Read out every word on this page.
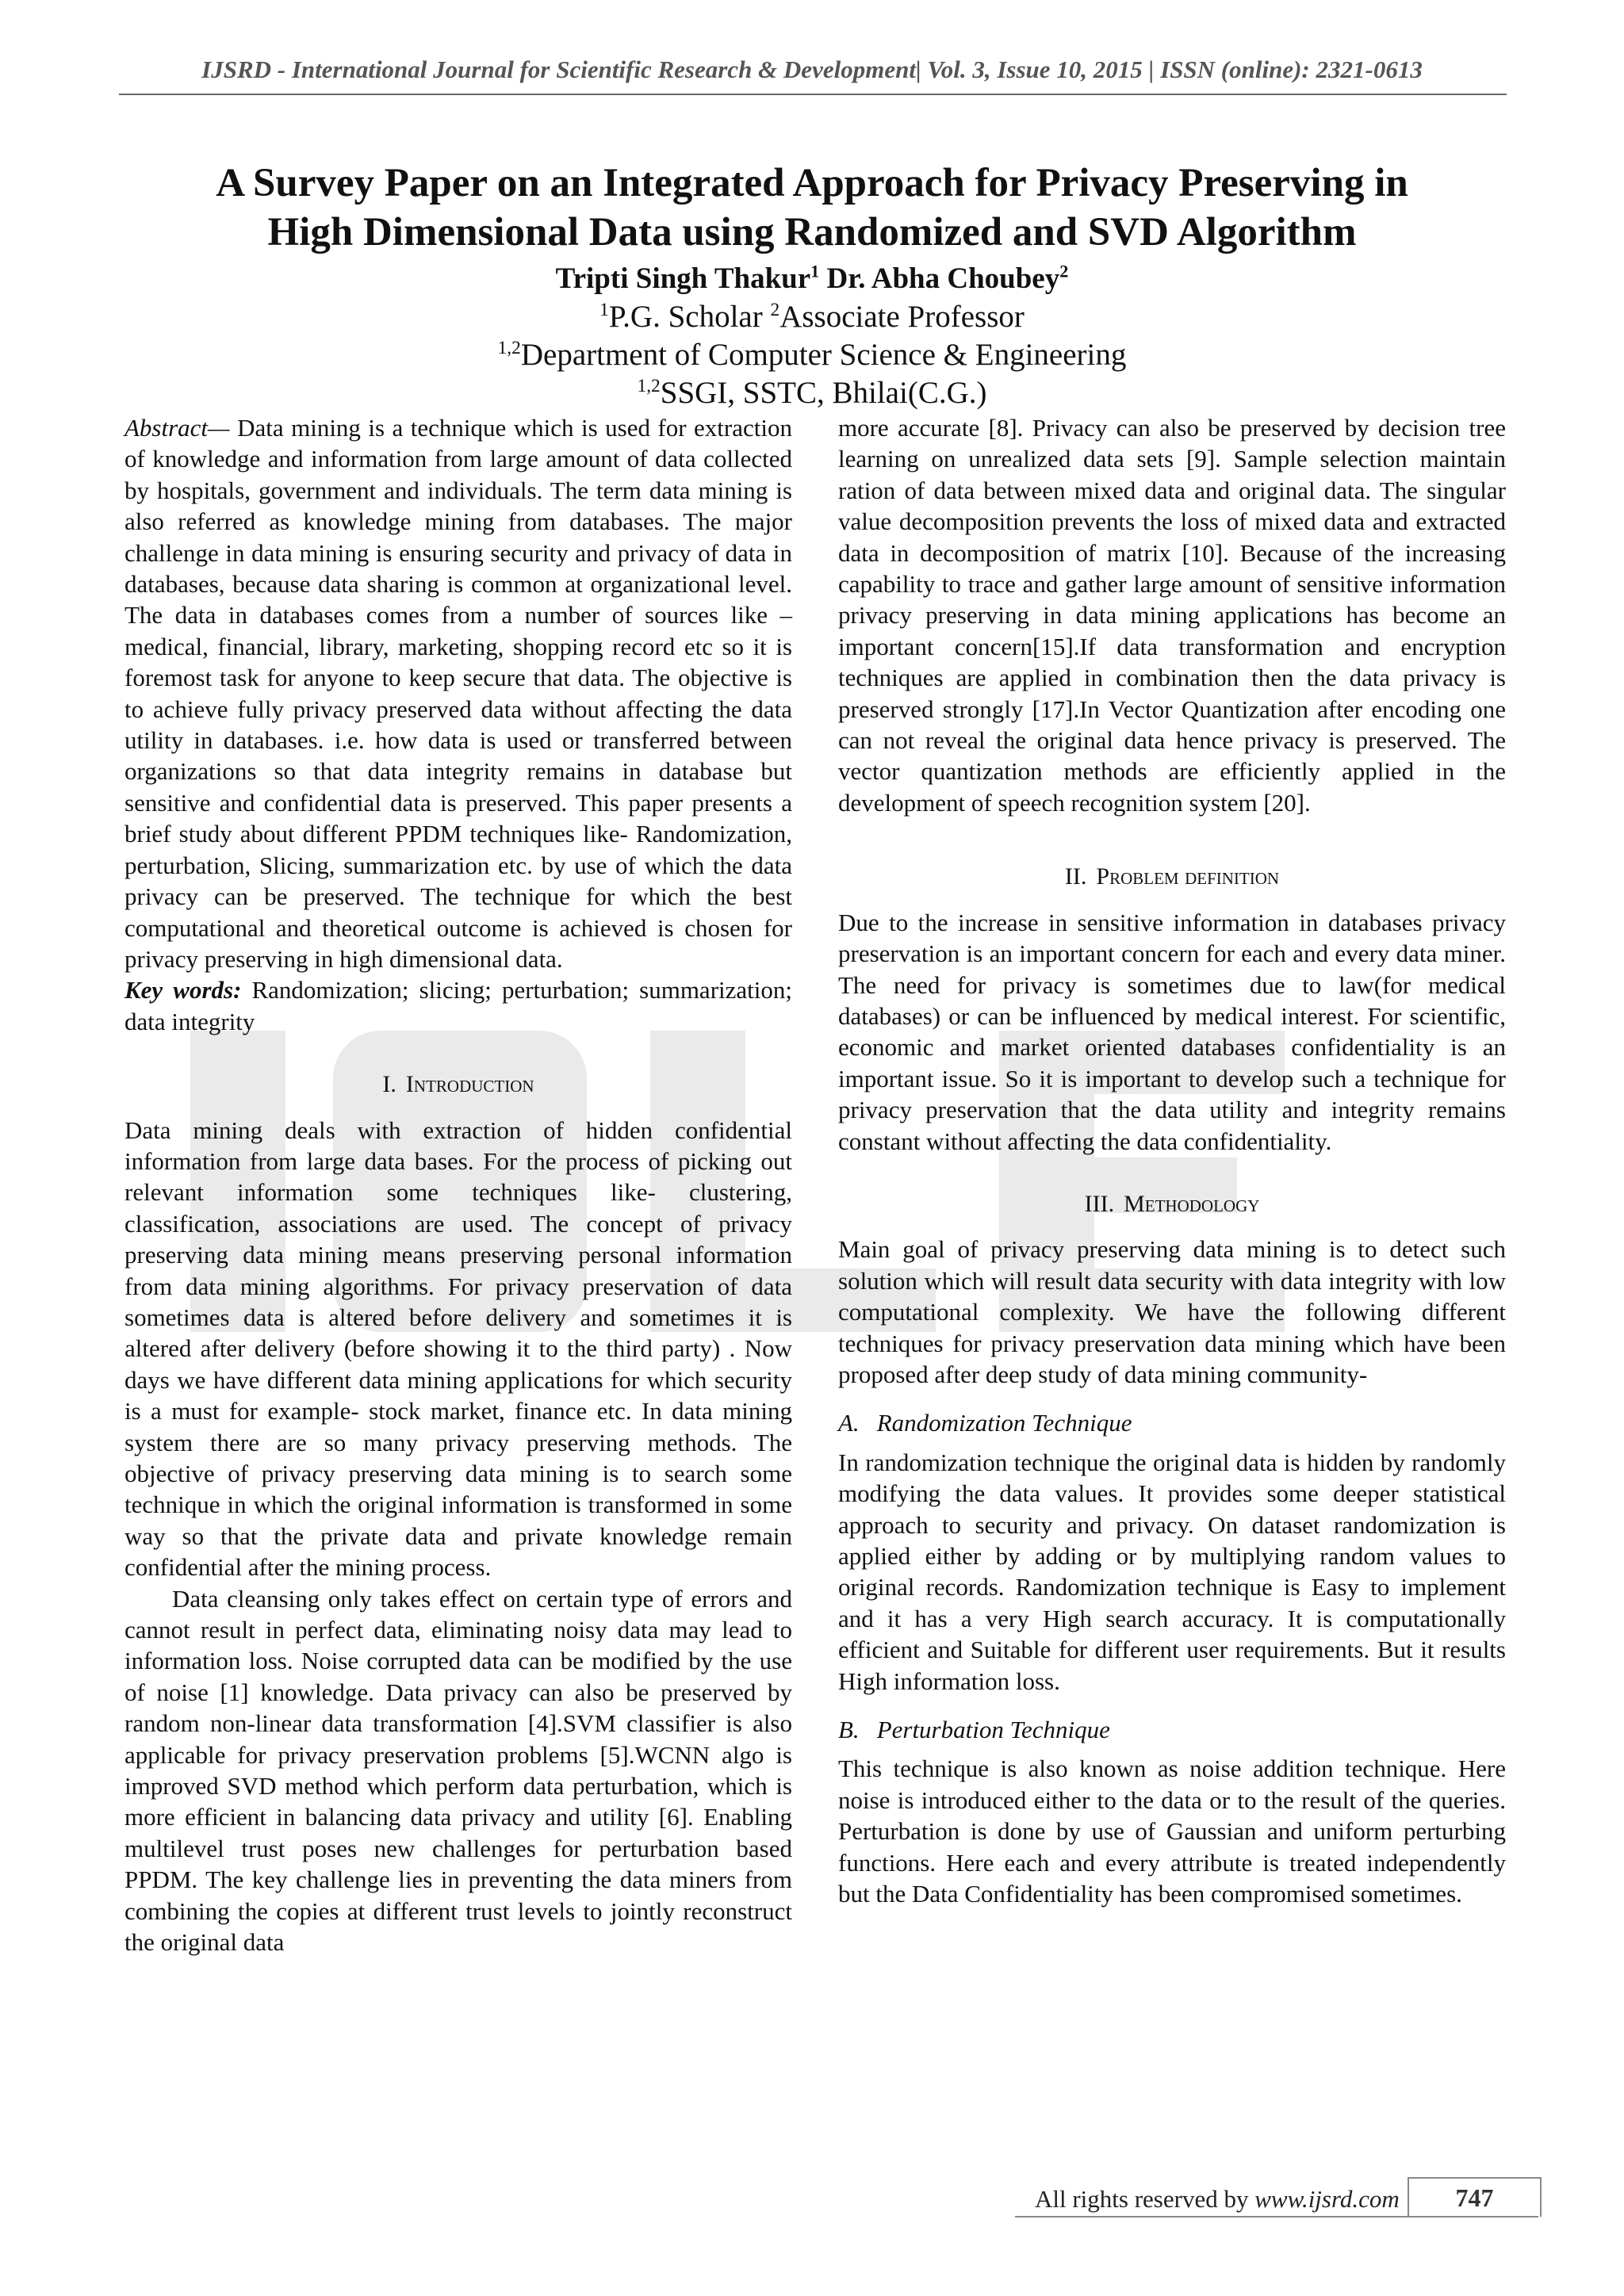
IJSRD - International Journal for Scientific Research & Development| Vol. 3, Issue 10, 2015 | ISSN (online): 2321-0613
A Survey Paper on an Integrated Approach for Privacy Preserving in
High Dimensional Data using Randomized and SVD Algorithm
Tripti Singh Thakur$^1$ Dr. Abha Choubey$^2$
$^1$P.G. Scholar $^2$Associate Professor
$^{1,2}$Department of Computer Science & Engineering
$^{1,2}$SSGI, SSTC, Bhilai(C.G.)

Abstract— Data mining is a technique which is used for extraction of knowledge and information from large amount of data collected by hospitals, government and individuals. The term data mining is also referred as knowledge mining from databases. The major challenge in data mining is ensuring security and privacy of data in databases, because data sharing is common at organizational level. The data in databases comes from a number of sources like – medical, financial, library, marketing, shopping record etc so it is foremost task for anyone to keep secure that data. The objective is to achieve fully privacy preserved data without affecting the data utility in databases. i.e. how data is used or transferred between organizations so that data integrity remains in database but sensitive and confidential data is preserved. This paper presents a brief study about different PPDM techniques like- Randomization, perturbation, Slicing, summarization etc. by use of which the data privacy can be preserved. The technique for which the best computational and theoretical outcome is achieved is chosen for privacy preserving in high dimensional data.

Key words: Randomization; slicing; perturbation; summarization; data integrity

I. Introduction

Data mining deals with extraction of hidden confidential information from large data bases. For the process of picking out relevant information some techniques like- clustering, classification, associations are used. The concept of privacy preserving data mining means preserving personal information from data mining algorithms. For privacy preservation of data sometimes data is altered before delivery and sometimes it is altered after delivery (before showing it to the third party) . Now days we have different data mining applications for which security is a must for example- stock market, finance etc. In data mining system there are so many privacy preserving methods. The objective of privacy preserving data mining is to search some technique in which the original information is transformed in some way so that the private data and private knowledge remain confidential after the mining process.

Data cleansing only takes effect on certain type of errors and cannot result in perfect data, eliminating noisy data may lead to information loss. Noise corrupted data can be modified by the use of noise [1] knowledge. Data privacy can also be preserved by random non-linear data transformation [4].SVM classifier is also applicable for privacy preservation problems [5].WCNN algo is improved SVD method which perform data perturbation, which is more efficient in balancing data privacy and utility [6]. Enabling multilevel trust poses new challenges for perturbation based PPDM. The key challenge lies in preventing the data miners from combining the copies at different trust levels to jointly reconstruct the original data

more accurate [8]. Privacy can also be preserved by decision tree learning on unrealized data sets [9]. Sample selection maintain ration of data between mixed data and original data. The singular value decomposition prevents the loss of mixed data and extracted data in decomposition of matrix [10]. Because of the increasing capability to trace and gather large amount of sensitive information privacy preserving in data mining applications has become an important concern[15].If data transformation and encryption techniques are applied in combination then the data privacy is preserved strongly [17].In Vector Quantization after encoding one can not reveal the original data hence privacy is preserved. The vector quantization methods are efficiently applied in the development of speech recognition system [20].

II. Problem definition

Due to the increase in sensitive information in databases privacy preservation is an important concern for each and every data miner. The need for privacy is sometimes due to law(for medical databases) or can be influenced by medical interest. For scientific, economic and market oriented databases confidentiality is an important issue. So it is important to develop such a technique for privacy preservation that the data utility and integrity remains constant without affecting the data confidentiality.

III. Methodology

Main goal of privacy preserving data mining is to detect such solution which will result data security with data integrity with low computational complexity. We have the following different techniques for privacy preservation data mining which have been proposed after deep study of data mining community-

A. Randomization Technique

In randomization technique the original data is hidden by randomly modifying the data values. It provides some deeper statistical approach to security and privacy. On dataset randomization is applied either by adding or by multiplying random values to original records. Randomization technique is Easy to implement and it has a very High search accuracy. It is computationally efficient and Suitable for different user requirements. But it results High information loss.

B. Perturbation Technique

This technique is also known as noise addition technique. Here noise is introduced either to the data or to the result of the queries. Perturbation is done by use of Gaussian and uniform perturbing functions. Here each and every attribute is treated independently but the Data Confidentiality has been compromised sometimes.

All rights reserved by www.ijsrd.com	747
